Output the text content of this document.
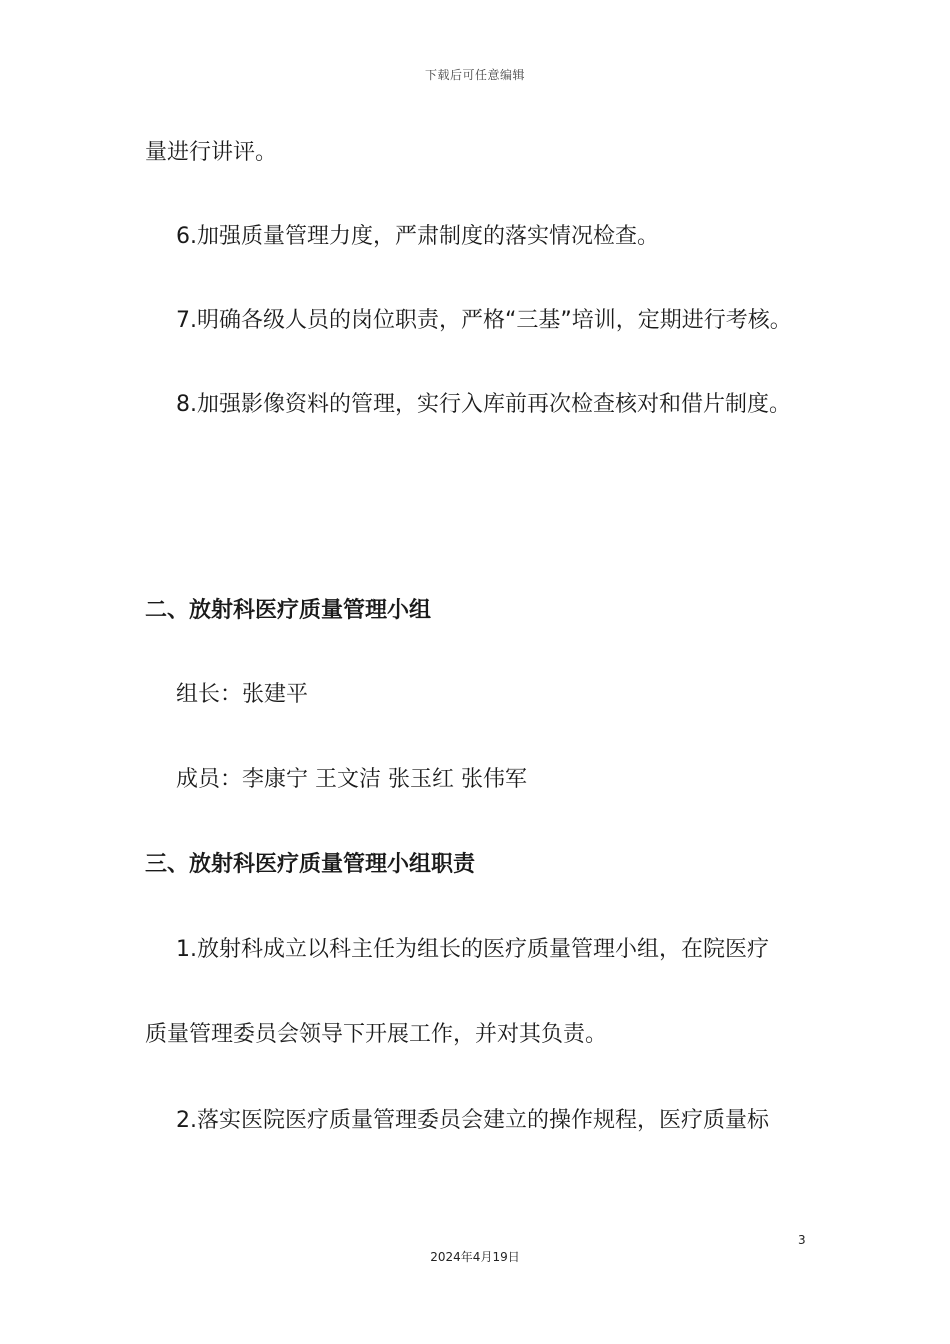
下载后可任意编辑
量进行讲评。
6.加强质量管理力度，严肃制度的落实情况检查。
7.明确各级人员的岗位职责，严格“三基”培训，定期进行考核。
8.加强影像资料的管理，实行入库前再次检查核对和借片制度。
二、放射科医疗质量管理小组
组长：张建平
成员：李康宁 王文洁 张玉红 张伟军
三、放射科医疗质量管理小组职责
1.放射科成立以科主任为组长的医疗质量管理小组，在院医疗
质量管理委员会领导下开展工作，并对其负责。
2.落实医院医疗质量管理委员会建立的操作规程，医疗质量标
3
2024年4月19日
